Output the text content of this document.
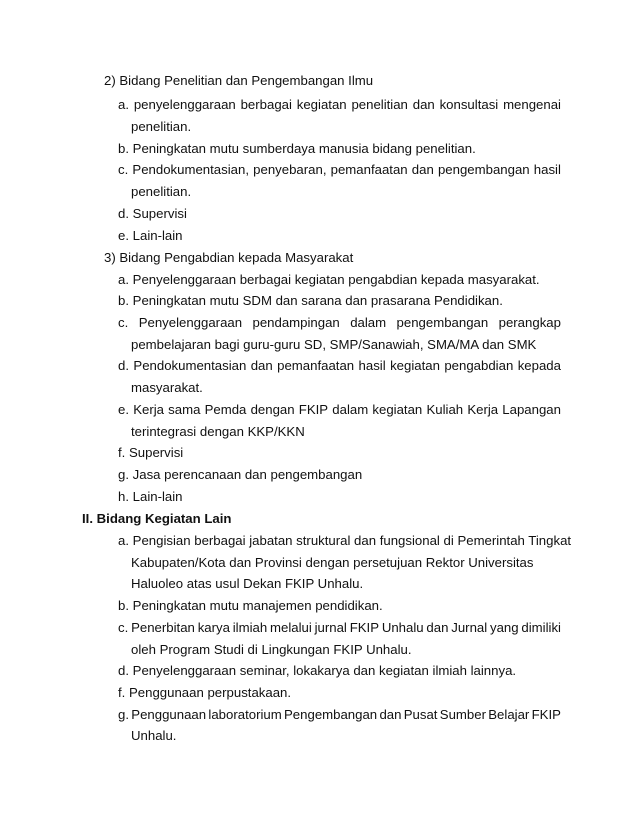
2) Bidang Penelitian dan Pengembangan Ilmu
a. penyelenggaraan berbagai kegiatan penelitian dan konsultasi mengenai
penelitian.
b. Peningkatan mutu sumberdaya manusia bidang penelitian.
c. Pendokumentasian, penyebaran, pemanfaatan dan pengembangan hasil
penelitian.
d. Supervisi
e. Lain-lain
3) Bidang Pengabdian kepada Masyarakat
a. Penyelenggaraan berbagai kegiatan pengabdian kepada masyarakat.
b. Peningkatan mutu SDM dan sarana dan prasarana Pendidikan.
c. Penyelenggaraan pendampingan dalam pengembangan perangkap
pembelajaran bagi guru-guru SD, SMP/Sanawiah, SMA/MA dan SMK
d. Pendokumentasian dan pemanfaatan hasil kegiatan pengabdian kepada
masyarakat.
e. Kerja sama Pemda dengan FKIP dalam kegiatan Kuliah Kerja Lapangan
terintegrasi dengan KKP/KKN
f. Supervisi
g. Jasa perencanaan dan pengembangan
h. Lain-lain
II. Bidang Kegiatan Lain
a. Pengisian berbagai jabatan struktural dan fungsional di Pemerintah Tingkat
Kabupaten/Kota dan Provinsi dengan persetujuan Rektor Universitas
Haluoleo atas usul Dekan FKIP Unhalu.
b. Peningkatan mutu manajemen pendidikan.
c. Penerbitan karya ilmiah melalui jurnal FKIP Unhalu dan Jurnal yang dimiliki
oleh Program Studi di Lingkungan FKIP Unhalu.
d. Penyelenggaraan seminar, lokakarya dan kegiatan ilmiah lainnya.
f. Penggunaan perpustakaan.
g. Penggunaan laboratorium Pengembangan dan Pusat Sumber Belajar FKIP
Unhalu.
